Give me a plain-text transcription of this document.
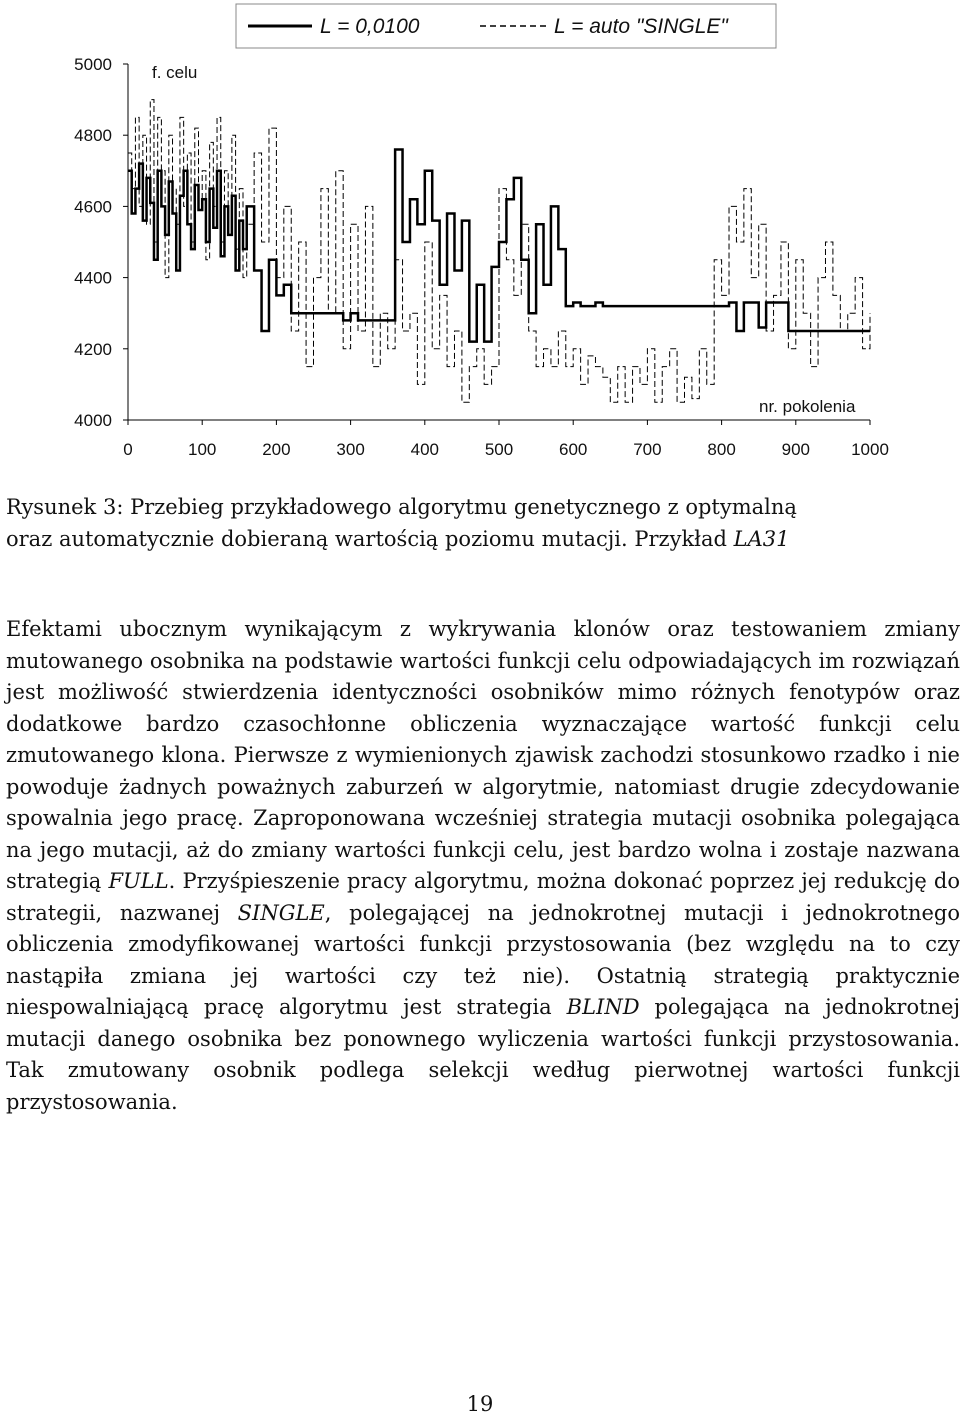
L = 0,0100	L = auto "SINGLE"
5000
4800
4600
4400
4200
4000
0	100	200	300	400	500	600	700	800	900 1000
f. celu
nr. pokolenia

Rysunek 3: Przebieg przykładowego algorytmu genetycznego z optymalną
oraz automatycznie dobieraną wartością poziomu mutacji. Przykład LA31

Efektami ubocznym wynikającym z wykrywania klonów oraz testowaniem zmiany mutowanego osobnika na podstawie wartości funkcji celu odpowiadających im rozwiązań jest możliwość stwierdzenia identyczności osobników mimo różnych fenotypów oraz dodatkowe bardzo czasochłonne obliczenia wyznaczające wartość funkcji celu zmutowanego klona. Pierwsze z wymienionych zjawisk zachodzi stosunkowo rzadko i nie powoduje żadnych poważnych zaburzeń w algorytmie, natomiast drugie zdecydowanie spowalnia jego pracę. Zaproponowana wcześniej strategia mutacji osobnika polegająca na jego mutacji, aż do zmiany wartości funkcji celu, jest bardzo wolna i zostaje nazwana strategią FULL. Przyśpieszenie pracy algorytmu, można dokonać poprzez jej redukcję do strategii, nazwanej SINGLE, polegającej na jednokrotnej mutacji i jednokrotnego obliczenia zmodyfikowanej wartości funkcji przystosowania (bez względu na to czy nastąpiła zmiana jej wartości czy też nie). Ostatnią strategią praktycznie niespowalniającą pracę algorytmu jest strategia BLIND polegająca na jednokrotnej mutacji danego osobnika bez ponownego wyliczenia wartości funkcji przystosowania. Tak zmutowany osobnik podlega selekcji według pierwotnej wartości funkcji przystosowania.

19
